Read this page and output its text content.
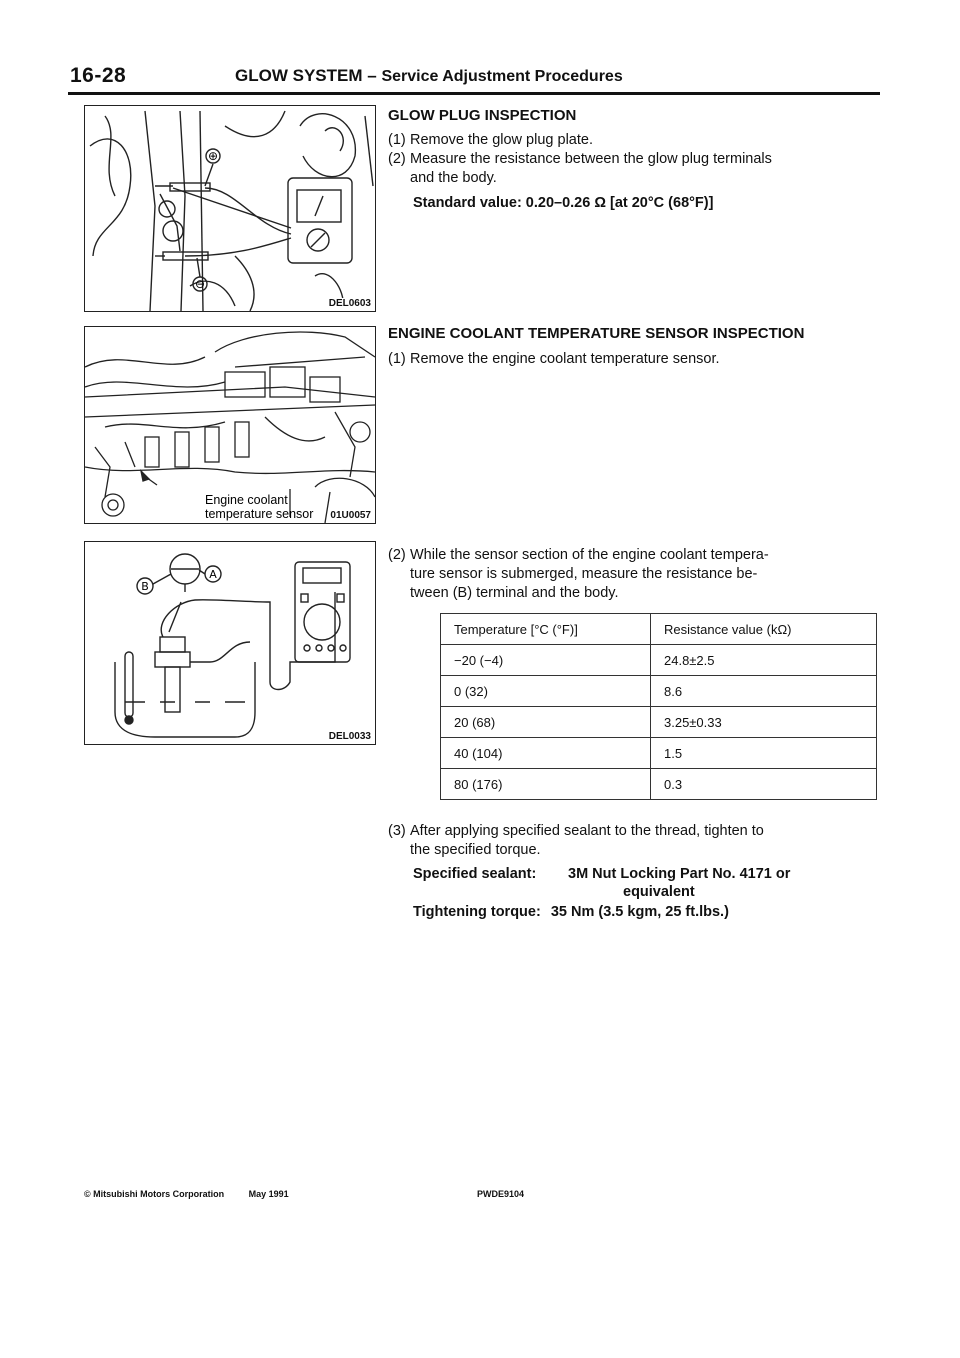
16-28	GLOW SYSTEM – Service Adjustment Procedures
⊕
⊖
DEL0603
Engine coolant
temperature sensor 01U0057
A
B
DEL0033
GLOW PLUG INSPECTION
(1) Remove the glow plug plate.
(2) Measure the resistance between the glow plug terminals
and the body.
Standard value: 0.20–0.26 Ω [at 20°C (68°F)]
ENGINE COOLANT TEMPERATURE SENSOR INSPECTION
(1) Remove the engine coolant temperature sensor.
(2) While the sensor section of the engine coolant tempera-
ture sensor is submerged, measure the resistance be-
tween (B) terminal and the body.
Temperature [°C (°F)]	Resistance value (kΩ)
−20 (−4)	24.8±2.5
0 (32)	8.6
20 (68)	3.25±0.33
40 (104)	1.5
80 (176)	0.3
(3) After applying specified sealant to the thread, tighten to
the specified torque.
Specified sealant: 3M Nut Locking Part No. 4171 or
equivalent
Tightening torque: 35 Nm (3.5 kgm, 25 ft.lbs.)
© Mitsubishi Motors Corporation	May 1991	PWDE9104
